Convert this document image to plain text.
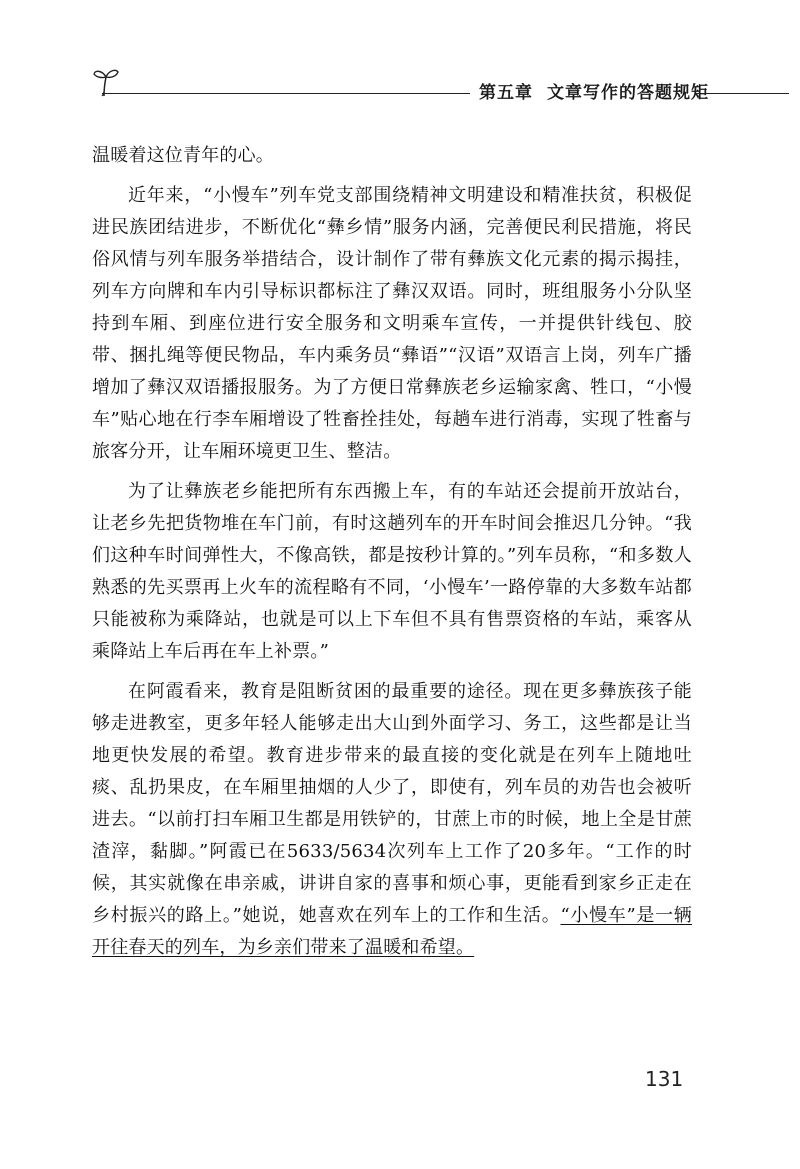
第五章 文章写作的答题规矩

温暖着这位青年的心。

近年来，“小慢车”列车党支部围绕精神文明建设和精准扶贫，积极促进民族团结进步，不断优化“彝乡情”服务内涵，完善便民利民措施，将民俗风情与列车服务举措结合，设计制作了带有彝族文化元素的揭示揭挂，列车方向牌和车内引导标识都标注了彝汉双语。同时，班组服务小分队坚持到车厢、到座位进行安全服务和文明乘车宣传，一并提供针线包、胶带、捆扎绳等便民物品，车内乘务员“彝语”“汉语”双语言上岗，列车广播增加了彝汉双语播报服务。为了方便日常彝族老乡运输家禽、牲口，“小慢车”贴心地在行李车厢增设了牲畜拴挂处，每趟车进行消毒，实现了牲畜与旅客分开，让车厢环境更卫生、整洁。

为了让彝族老乡能把所有东西搬上车，有的车站还会提前开放站台，让老乡先把货物堆在车门前，有时这趟列车的开车时间会推迟几分钟。“我们这种车时间弹性大，不像高铁，都是按秒计算的。”列车员称，“和多数人熟悉的先买票再上火车的流程略有不同，‘小慢车’一路停靠的大多数车站都只能被称为乘降站，也就是可以上下车但不具有售票资格的车站，乘客从乘降站上车后再在车上补票。”

在阿霞看来，教育是阻断贫困的最重要的途径。现在更多彝族孩子能够走进教室，更多年轻人能够走出大山到外面学习、务工，这些都是让当地更快发展的希望。教育进步带来的最直接的变化就是在列车上随地吐痰、乱扔果皮，在车厢里抽烟的人少了，即使有，列车员的劝告也会被听进去。“以前打扫车厢卫生都是用铁铲的，甘蔗上市的时候，地上全是甘蔗渣滓，黏脚。”阿霞已在5633/5634次列车上工作了20多年。“工作的时候，其实就像在串亲戚，讲讲自家的喜事和烦心事，更能看到家乡正走在乡村振兴的路上。”她说，她喜欢在列车上的工作和生活。“小慢车”是一辆开往春天的列车，为乡亲们带来了温暖和希望。

131
